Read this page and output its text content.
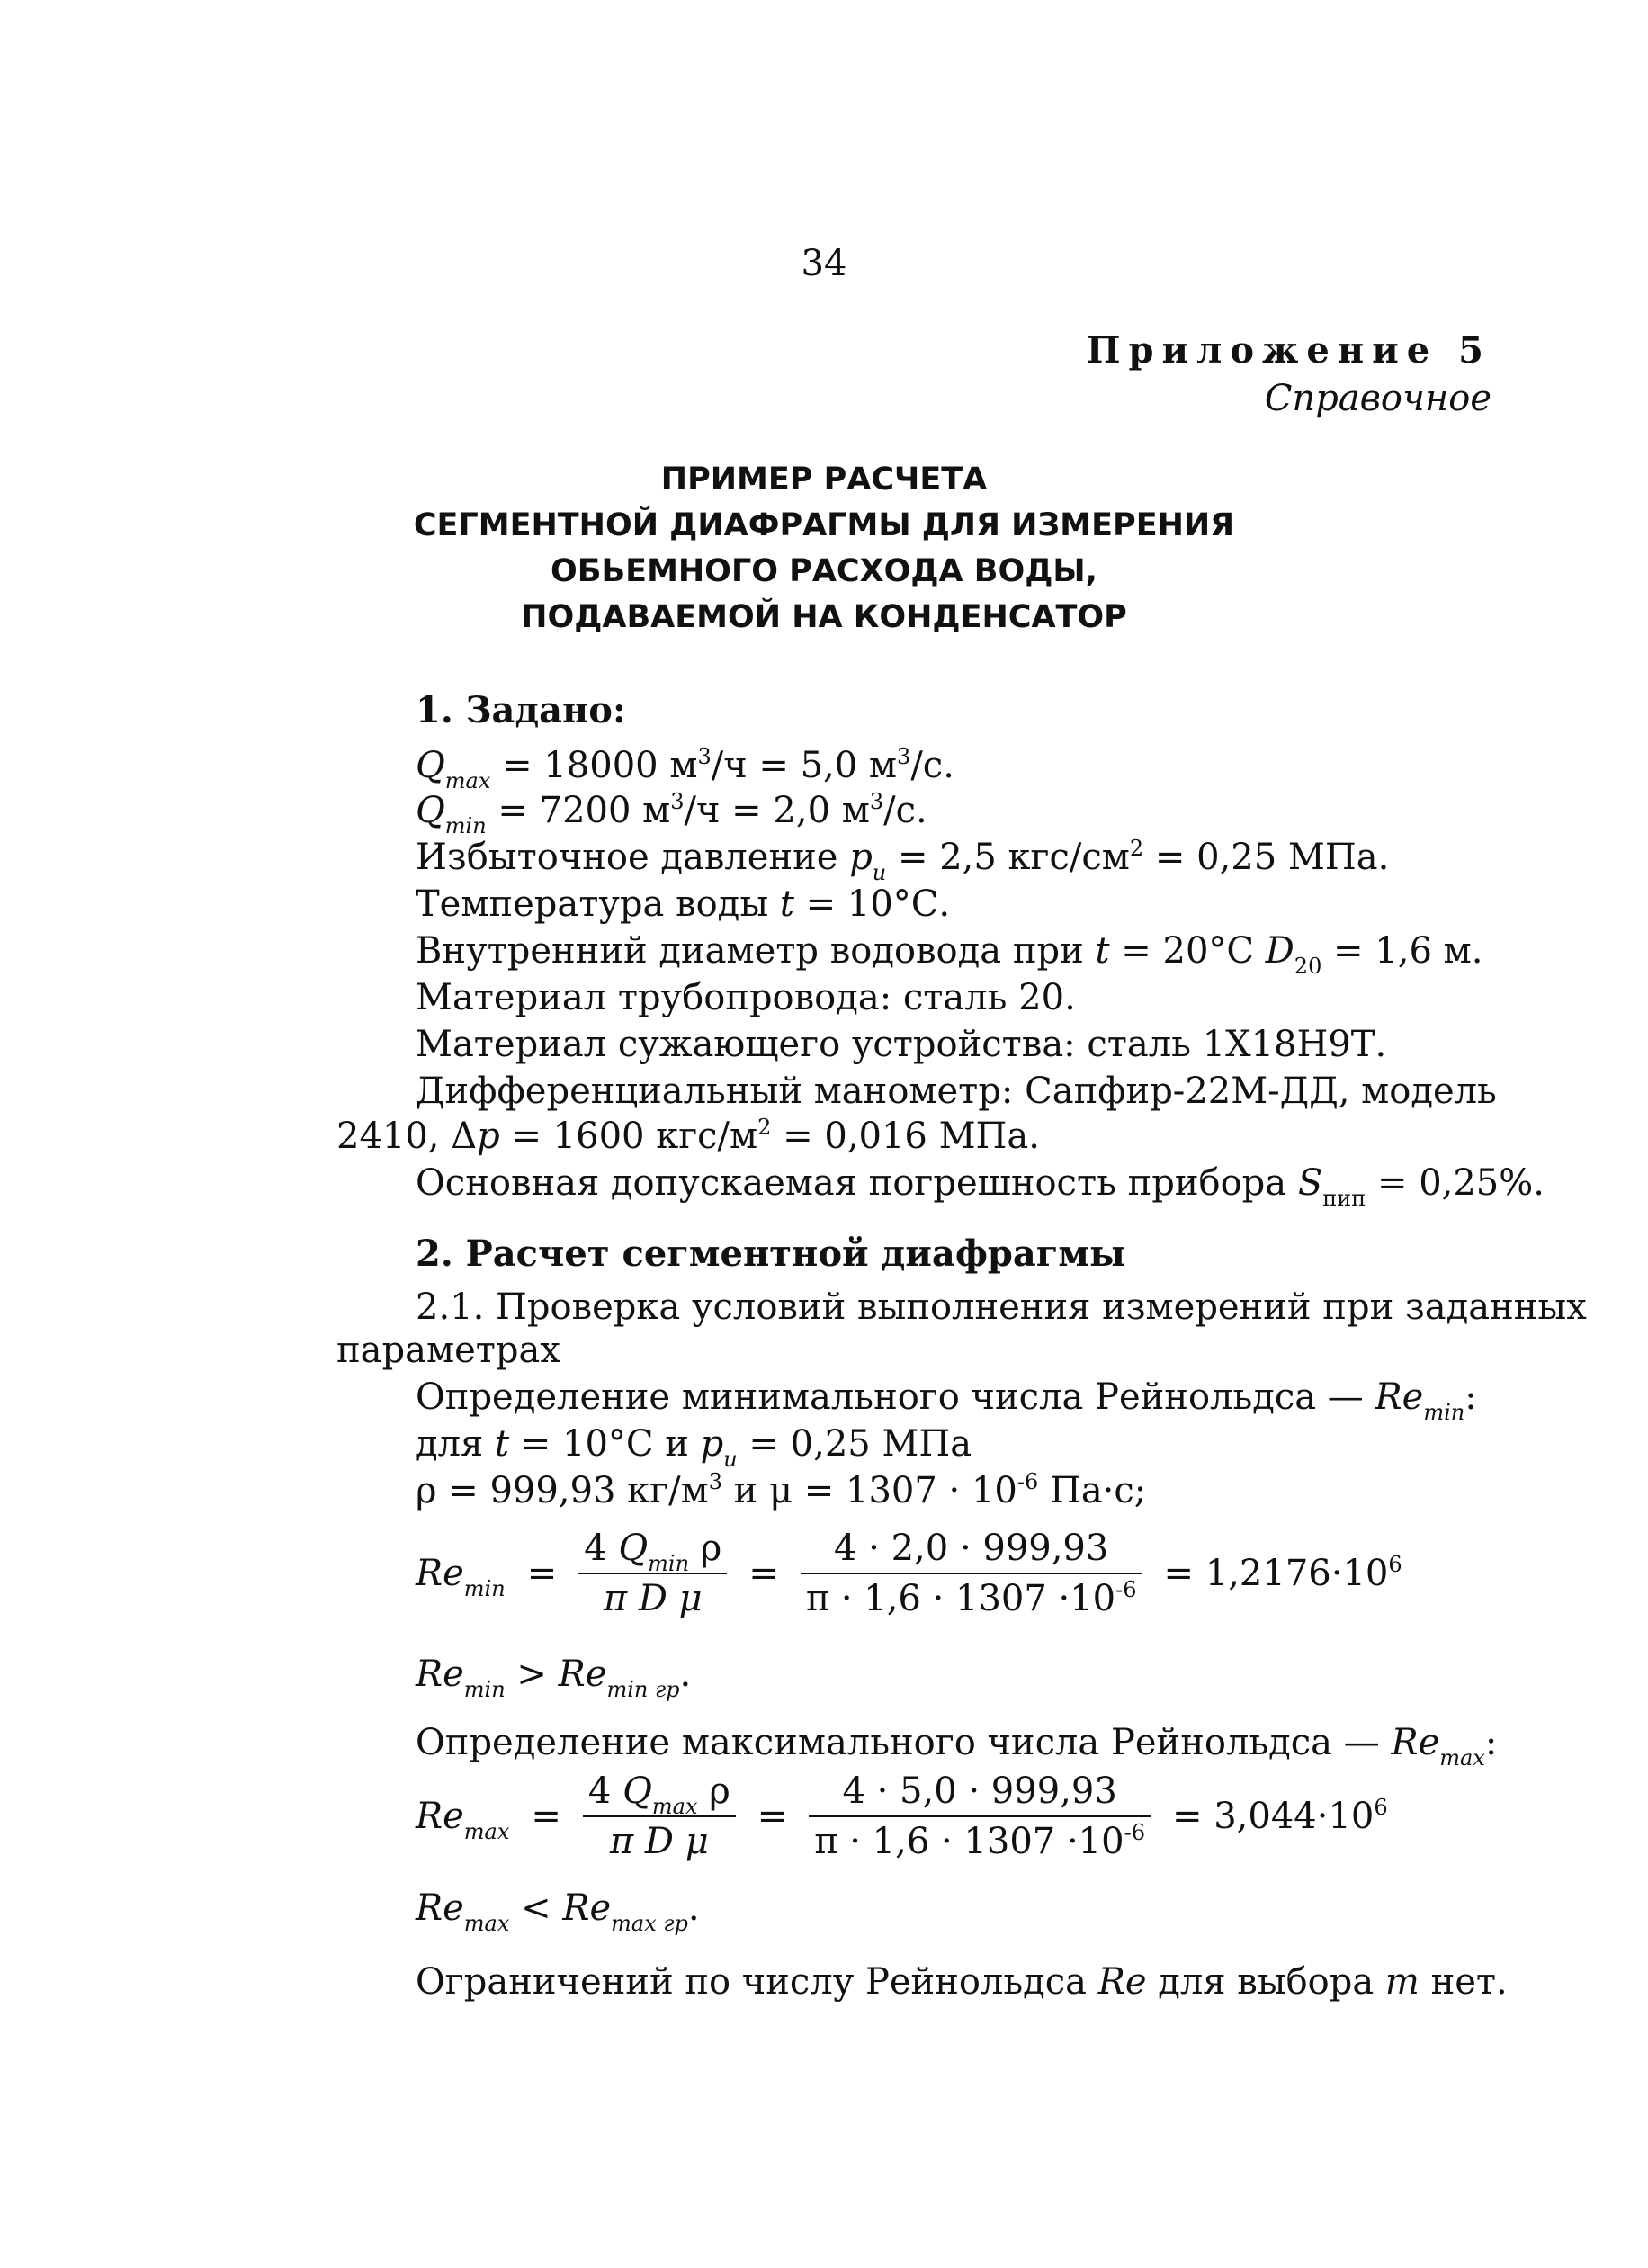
34
Приложение 5
Справочное
ПРИМЕР РАСЧЕТА
СЕГМЕНТНОЙ ДИАФРАГМЫ ДЛЯ ИЗМЕРЕНИЯ
ОБЬЕМНОГО РАСХОДА ВОДЫ,
ПОДАВАЕМОЙ НА КОНДЕНСАТОР
1. Задано:
$Q_{max} = 18000$ $м^3/ч = 5,0$ $м^3/с$.
$Q_{min} = 7200$ $м^3/ч = 2,0$ $м^3/с$.
Избыточное давление $p_и = 2,5$ кгс/$см^2 = 0,25$ МПа.
Температура воды t = 10°С.
Внутренний диаметр водовода при t = 20°С $D_{20} = 1,6$ м.
Материал трубопровода: сталь 20.
Материал сужающего устройства: сталь 1Х18Н9Т.
Дифференциальный манометр: Сапфир-22М-ДД, модель
2410, Δp = 1600 кгс/$м^2 = 0,016$ МПа.
Основная допускаемая погрешность прибора $S_{пип} = 0,25\%$.
2. Расчет сегментной диафрагмы
2.1. Проверка условий выполнения измерений при заданных
параметрах
Определение минимального числа Рейнольдса — $Re_{min}$:
для t = 10°С и $p_и = 0,25$ МПа
ρ = 999,93 $кг/м^3$ и $\mu = 1307 \cdot 10^{-6}$ Па·с;
$Re_{min} = \frac{4 Q_{min} \rho}{\text{π D μ}} = \frac{4 \cdot 2,0 \cdot 999,93}{\pi \cdot 1,6 \cdot 1307 \cdot 10^{-6}} = 1,2176\cdot 10^6$
$Re_{min} > Re_{min гр}$.
Определение максимального числа Рейнольдса — $Re_{max}$:
$Re_{max} = \frac{4 Q_{max} \rho}{\text{π D μ}} = \frac{4 \cdot 5,0 \cdot 999,93}{\pi \cdot 1,6 \cdot 1307 \cdot 10^{-6}} = 3,044\cdot 10^6$
$Re_{max} < Re_{max гр}$.
Ограничений по числу Рейнольдса Re для выбора m нет.
